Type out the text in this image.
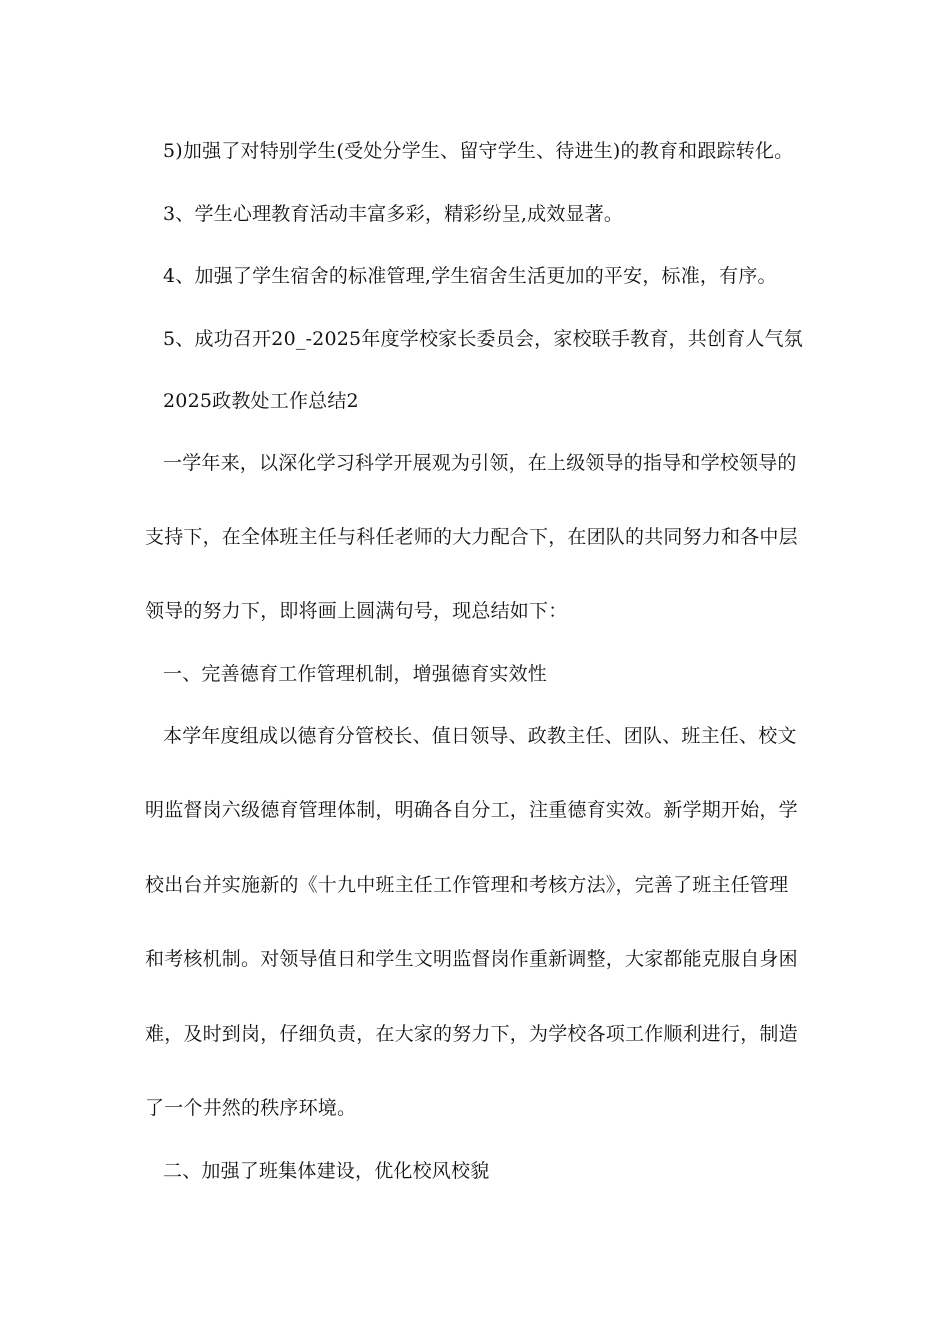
5)加强了对特别学生(受处分学生、留守学生、待进生)的教育和跟踪转化。
3、学生心理教育活动丰富多彩，精彩纷呈,成效显著。
4、加强了学生宿舍的标准管理,学生宿舍生活更加的平安，标准，有序。
5、成功召开20_-2025年度学校家长委员会，家校联手教育，共创育人气氛
2025政教处工作总结2
一学年来，以深化学习科学开展观为引领，在上级领导的指导和学校领导的
支持下，在全体班主任与科任老师的大力配合下，在团队的共同努力和各中层
领导的努力下，即将画上圆满句号，现总结如下：
一、完善德育工作管理机制，增强德育实效性
本学年度组成以德育分管校长、值日领导、政教主任、团队、班主任、校文
明监督岗六级德育管理体制，明确各自分工，注重德育实效。新学期开始，学
校出台并实施新的《十九中班主任工作管理和考核方法》，完善了班主任管理
和考核机制。对领导值日和学生文明监督岗作重新调整，大家都能克服自身困
难，及时到岗，仔细负责，在大家的努力下，为学校各项工作顺利进行，制造
了一个井然的秩序环境。
二、加强了班集体建设，优化校风校貌
